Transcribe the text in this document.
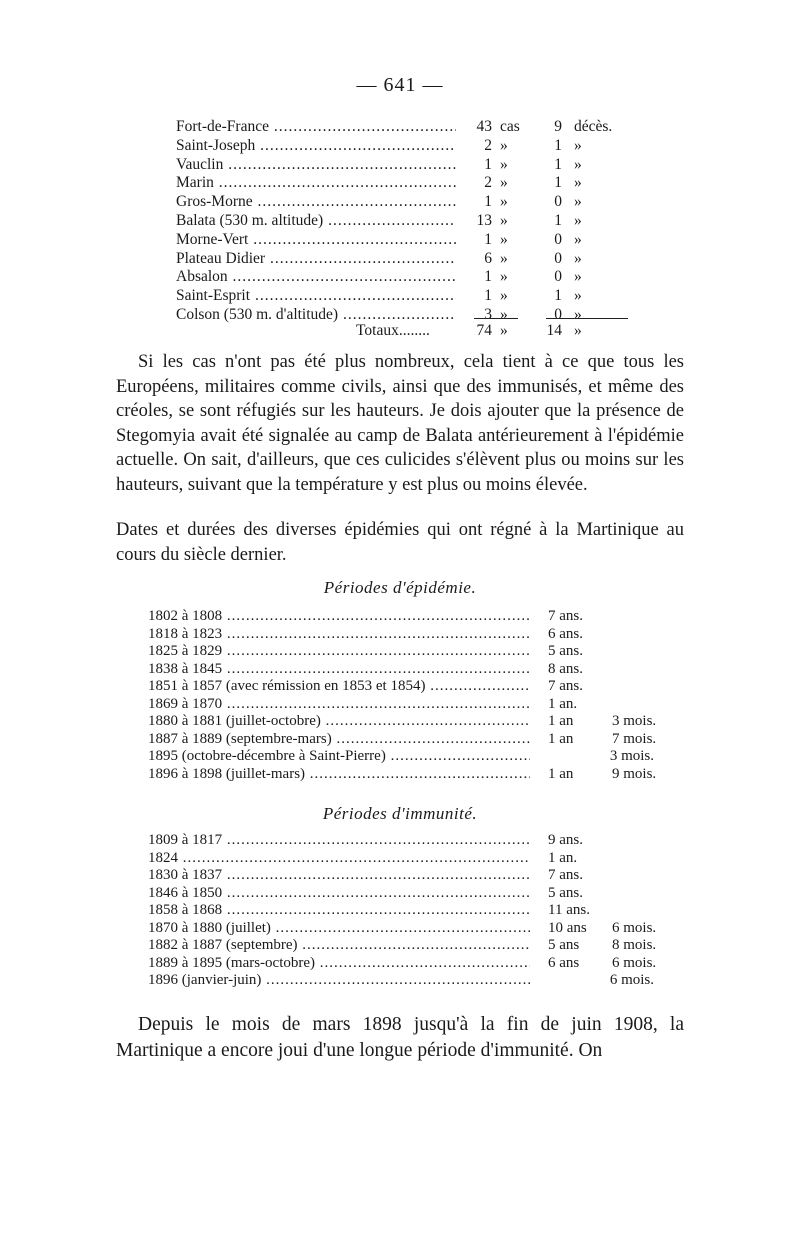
— 641 —
Fort-de-France .....	43 cas	9 décès.
Saint-Joseph .....	2 »	1 »
Vauclin .....	1 »	1 »
Marin .....	2 »	1 »
Gros-Morne .....	1 »	0 »
Balata (530 m. altitude) .....	13 »	1 »
Morne-Vert .....	1 »	0 »
Plateau Didier .....	6 »	0 »
Absalon .....	1 »	0 »
Saint-Esprit .....	1 »	1 »
Colson (530 m. d'altitude) .....	3 »	0 »
Totaux........	74 »	14 »

Si les cas n'ont pas été plus nombreux, cela tient à ce que tous les Européens, militaires comme civils, ainsi que des immunisés, et même des créoles, se sont réfugiés sur les hauteurs. Je dois ajouter que la présence de Stegomyia avait été signalée au camp de Balata antérieurement à l'épidémie actuelle. On sait, d'ailleurs, que ces culicides s'élèvent plus ou moins sur les hauteurs, suivant que la température y est plus ou moins élevée.

Dates et durées des diverses épidémies qui ont régné à la Martinique au cours du siècle dernier.

Périodes d'épidémie.
1802 à 1808 .....	7 ans.
1818 à 1823 .....	6 ans.
1825 à 1829 .....	5 ans.
1838 à 1845 .....	8 ans.
1851 à 1857 (avec rémission en 1853 et 1854) .....	7 ans.
1869 à 1870 .....	1 an.
1880 à 1881 (juillet-octobre) .....	1 an	3 mois.
1887 à 1889 (septembre-mars) .....	1 an	7 mois.
1895 (octobre-décembre à Saint-Pierre) .....	3 mois.
1896 à 1898 (juillet-mars) .....	1 an	9 mois.
Périodes d'immunité.
1809 à 1817 .....	9 ans.
1824 .....	1 an.
1830 à 1837 .....	7 ans.
1846 à 1850 .....	5 ans.
1858 à 1868 .....	11 ans.
1870 à 1880 (juillet) .....	10 ans	6 mois.
1882 à 1887 (septembre) .....	5 ans	8 mois.
1889 à 1895 (mars-octobre) .....	6 ans	6 mois.
1896 (janvier-juin) .....	6 mois.

Depuis le mois de mars 1898 jusqu'à la fin de juin 1908, la Martinique a encore joui d'une longue période d'immunité. On
